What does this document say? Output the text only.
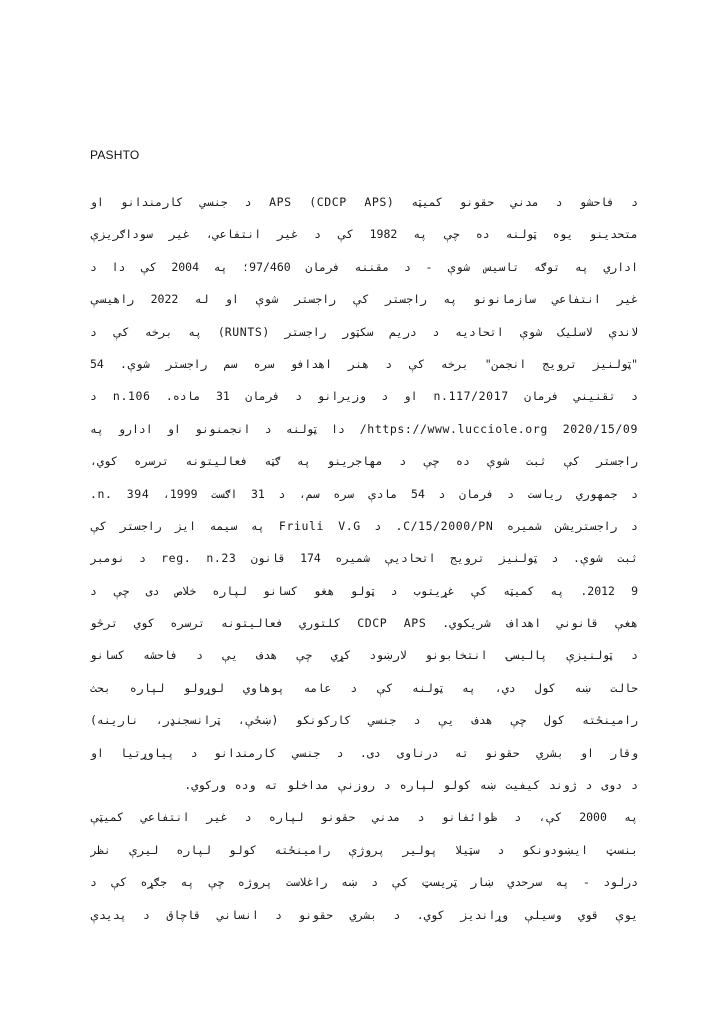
PASHTO
د فاحشو د مدني حقونو کمیټه APS (CDCP APS) د جنسي کارمندانو او
متحدینو یوه ټولنه ده چې په 1982 کې د غیر انتفاعي، غیر سوداګریزې
اداري په توګه تاسیس شوې - د مقننه فرمان 97/460؛ په 2004 کې دا د
غیر انتفاعي سازمانونو په راجستر کې راجستر شوې او له 2022 راهیسې
لاندې لاسلیک شوې اتحادیه د دریم سکټور راجستر (RUNTS) په برخه کې د
"ټولنیز ترویج انجمن" برخه کې د هنر اهدافو سره سم راجستر شوې. 54
د تقنیني فرمان n.117/2017 او د وزیرانو د فرمان 31 ماده. n.106 د
2020/15/09 https://www.lucciole.org/ دا ټولنه د انجمنونو او ادارو په
راجستر کې ثبت شوې ده چې د مهاجرینو په ګټه فعالیتونه ترسره کوي،
د جمهوري ریاست د فرمان د 54 مادې سره سم، د 31 اګست 1999، n. 394.
د راجستریشن شمیره C/15/2000/PN. د Friuli V.G په سیمه ایز راجستر کې
ثبت شوې. د ټولنیز ترویج اتحادیې شمیره 174 قانون reg. n.23 د نومبر
9 2012. په کمیټه کې غړیتوب د ټولو هغو کسانو لپاره خلاص دی چې د
هغې قانوني اهداف شریکوي. CDCP APS کلتوري فعالیتونه ترسره کوي ترڅو
د ټولنیزې پالیسۍ انتخابونو لارښود کړي چې هدف یې د فاحشه کسانو
حالت ښه کول دي، په ټولنه کې د عامه پوهاوي لوړولو لپاره بحث
رامینځته کول چې هدف یې د جنسي کارکونکو (ښځې، ټرانسجنډر، نارینه)
وقار او بشري حقونو ته درناوی دی. د جنسي کارمندانو د پیاوړتیا او
د دوی د ژوند کیفیت ښه کولو لپاره د روزنې مداخلو ته وده ورکوي.
په 2000 کې، د ظوائفانو د مدني حقونو لپاره د غیر انتفاعي کمیټې
بنسټ ایښودونکو د سټیلا پولیر پروژې رامینځته کولو لپاره لیرې نظر
درلود - په سرحدي ښار ټریسټ کې د ښه راغلاست پروژه چې په جګړه کې د
یوې قوي وسیلې وړاندیز کوي. د بشري حقونو د انساني قاچاق د پدیدې
